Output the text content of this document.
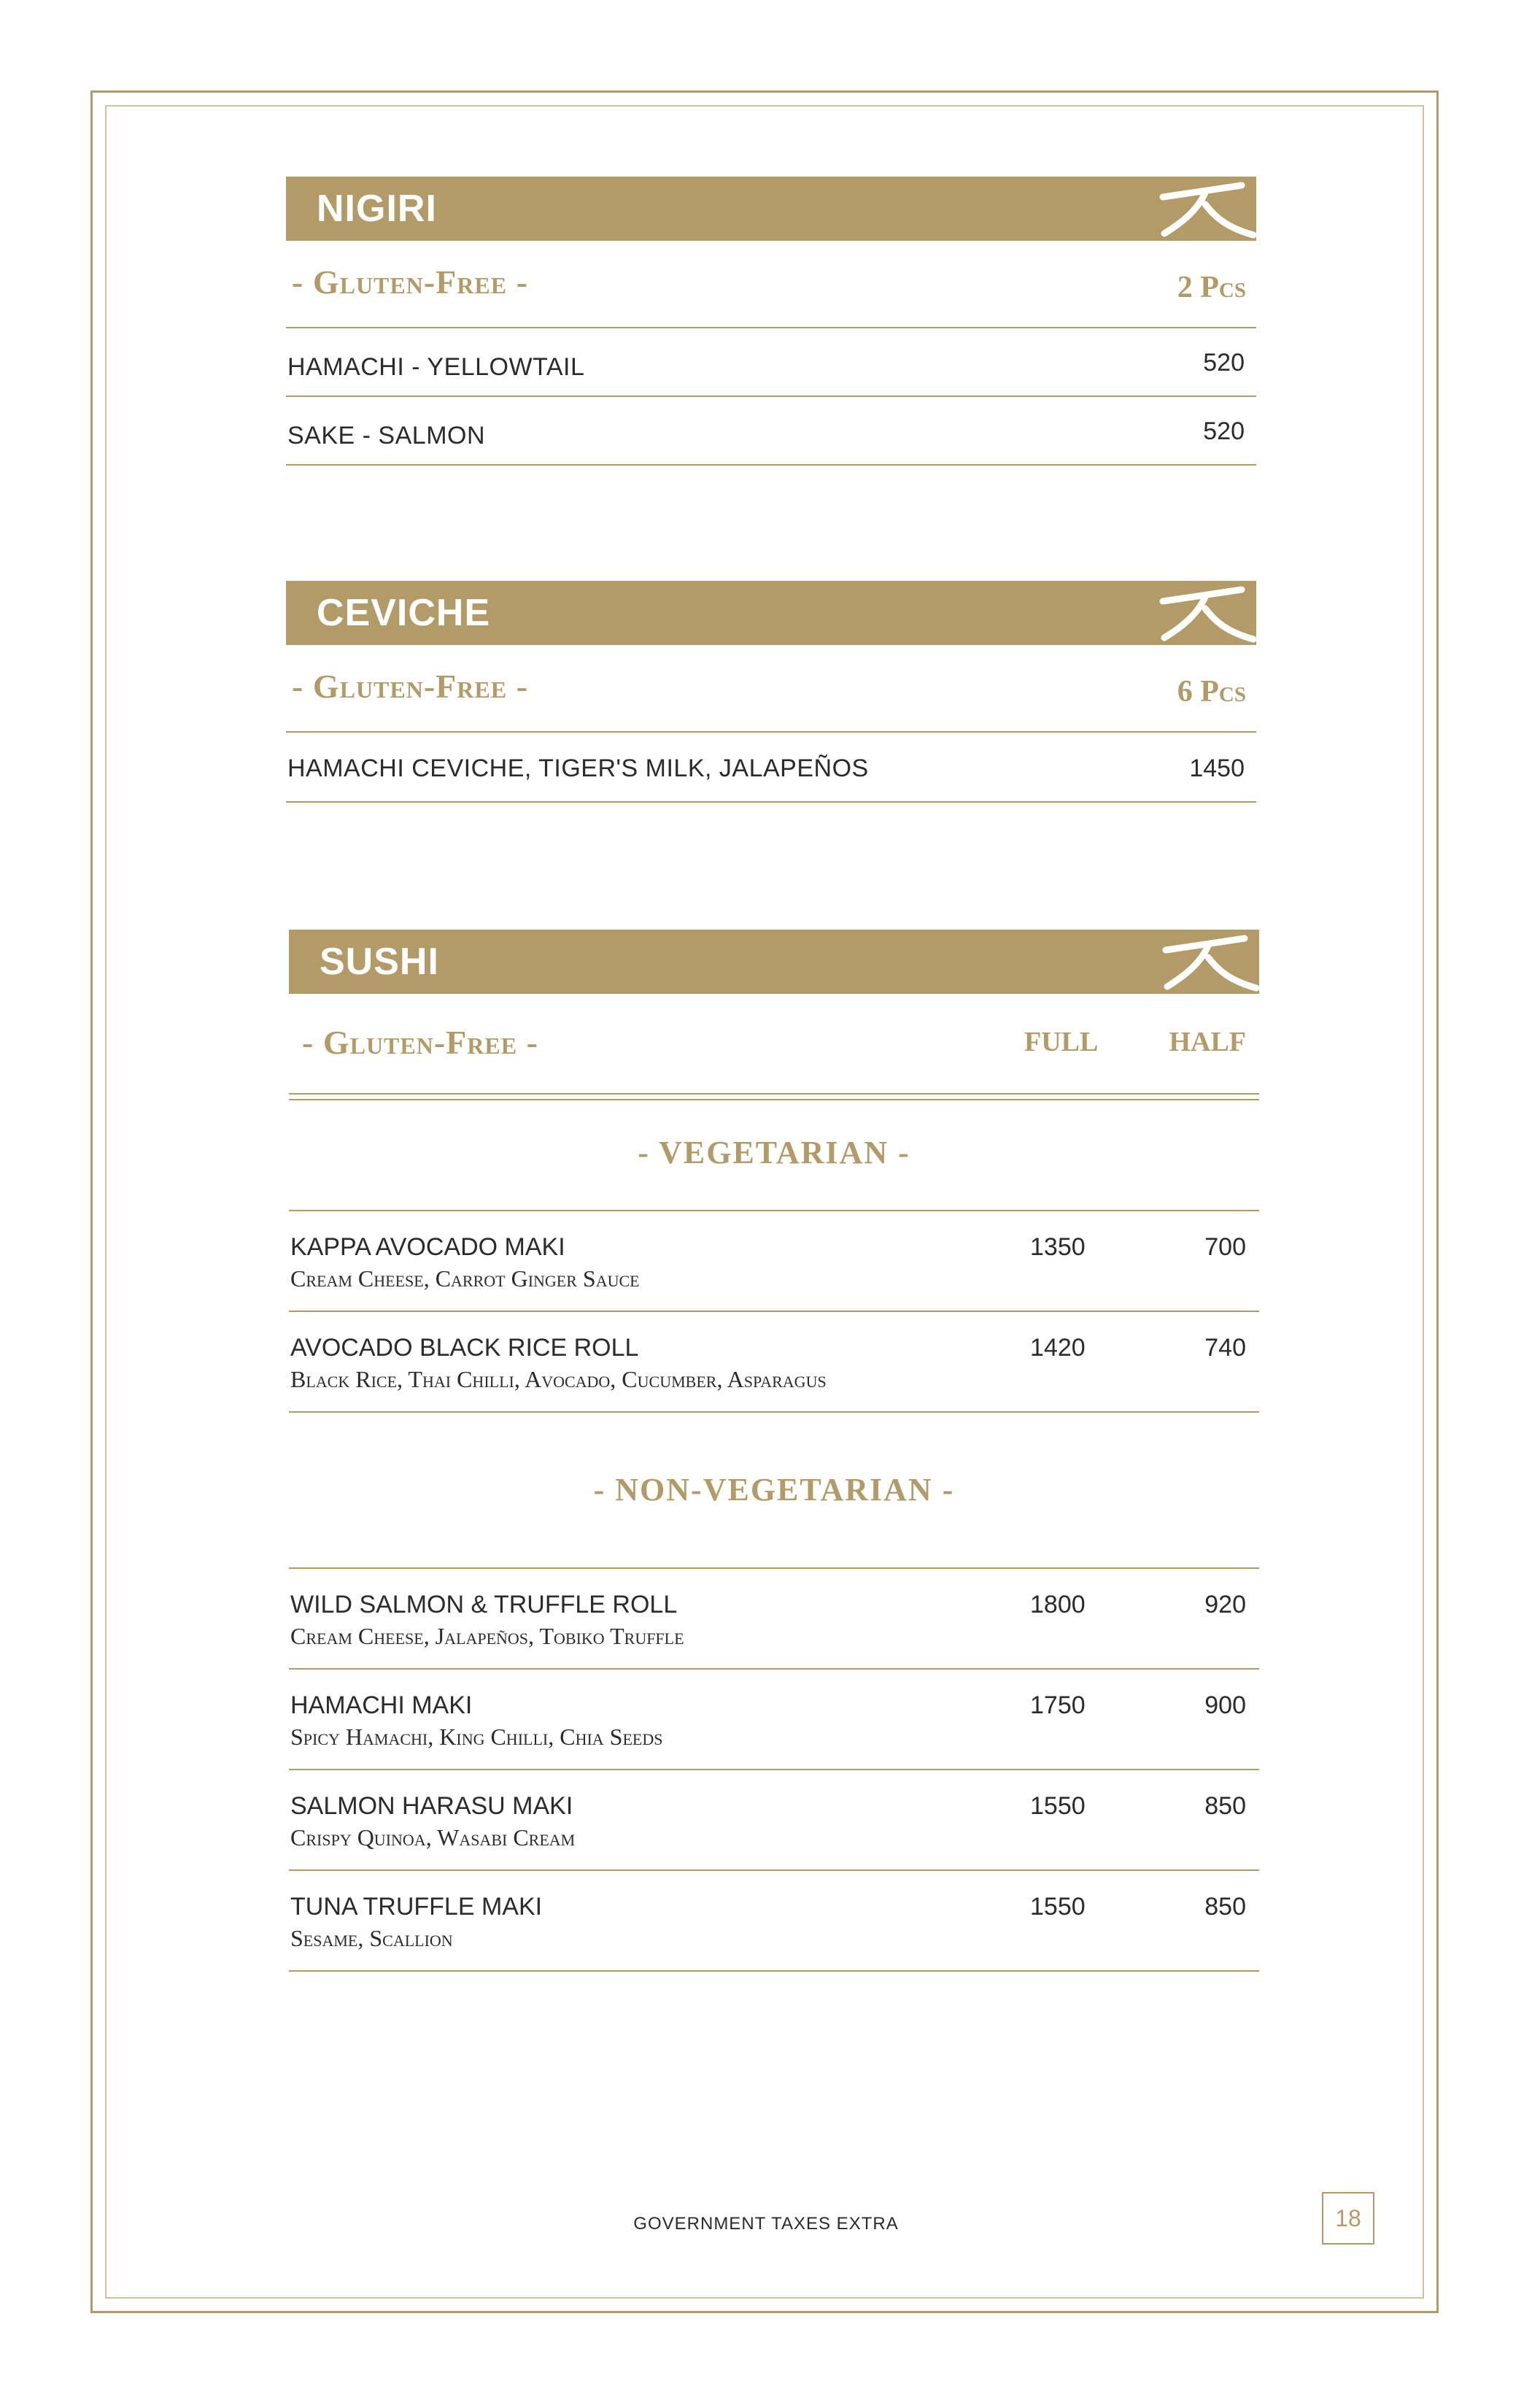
NIGIRI
- Gluten-Free -	2 Pcs
HAMACHI - YELLOWTAIL	520
SAKE - SALMON	520
CEVICHE
- Gluten-Free -	6 Pcs
HAMACHI CEVICHE, TIGER'S MILK, JALAPEÑOS	1450
SUSHI
- Gluten-Free -	FULL	HALF
- VEGETARIAN -
KAPPA AVOCADO MAKI
Cream Cheese, Carrot Ginger Sauce
1350	700
AVOCADO BLACK RICE ROLL
Black Rice, Thai Chilli, Avocado, Cucumber, Asparagus
1420	740
- NON-VEGETARIAN -
WILD SALMON & TRUFFLE ROLL
Cream Cheese, Jalapeños, Tobiko Truffle
1800	920
HAMACHI MAKI
Spicy Hamachi, King Chilli, Chia Seeds
1750	900
SALMON HARASU MAKI
Crispy Quinoa, Wasabi Cream
1550	850
TUNA TRUFFLE MAKI
Sesame, Scallion
1550	850
GOVERNMENT TAXES EXTRA	18
